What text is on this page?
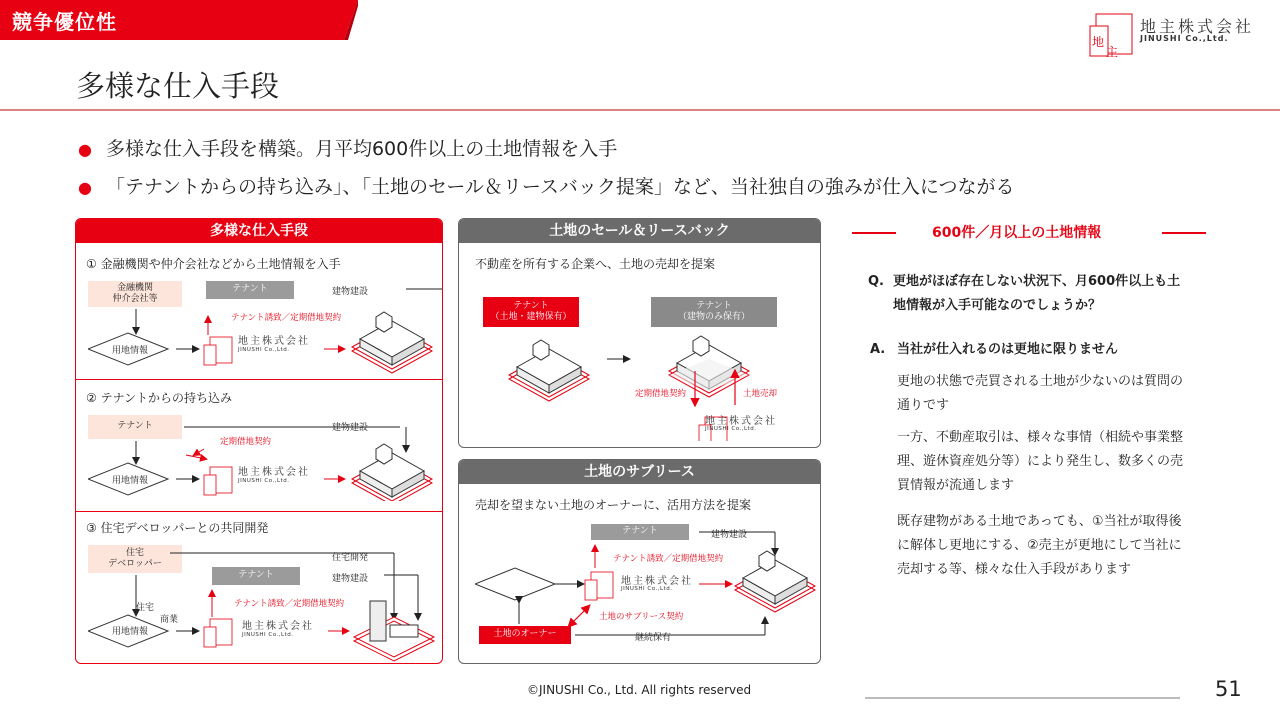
競争優位性
地
主
地主株式会社
JINUSHI Co.,Ltd.
多様な仕入手段
● 多様な仕入手段を構築。月平均600件以上の土地情報を入手
● 「テナントからの持ち込み」、「土地のセール＆リースバック提案」など、当社独自の強みが仕入につながる
多様な仕入手段
① 金融機関や仲介会社などから土地情報を入手
金融機関
仲介会社等
テナント	建物建設
テナント誘致／定期借地契約
用地情報
地主株式会社
JINUSHI Co.,Ltd.
② テナントからの持ち込み
テナント	建物建設
定期借地契約
用地情報
地主株式会社
JINUSHI Co.,Ltd.
③ 住宅デベロッパーとの共同開発
住宅
デベロッパー
住宅開発
テナント	建物建設
テナント誘致／定期借地契約
住宅
商業
用地情報	地主株式会社
JINUSHI Co.,Ltd.
土地のセール＆リースバック
不動産を所有する企業へ、土地の売却を提案
テナント
（土地・建物保有）
テナント
（建物のみ保有）
定期借地契約	土地売却
地主株式会社
JINUSHI Co.,Ltd.
土地のサブリース
売却を望まない土地のオーナーに、活用方法を提案
テナント	建物建設
テナント誘致／定期借地契約
土地のオーナー
土地のサブリース契約
継続保有
地主株式会社
JINUSHI Co.,Ltd.
600件／月以上の土地情報
Q. 更地がほぼ存在しない状況下、月600件以上も土地情報が入手可能なのでしょうか？
A. 当社が仕入れるのは更地に限りません
更地の状態で売買される土地が少ないのは質問の通りです
一方、不動産取引は、様々な事情（相続や事業整理、遊休資産処分等）により発生し、数多くの売買情報が流通します
既存建物がある土地であっても、①当社が取得後に解体し更地にする、②売主が更地にして当社に売却する等、様々な仕入手段があります
©JINUSHI Co., Ltd. All rights reserved	51
